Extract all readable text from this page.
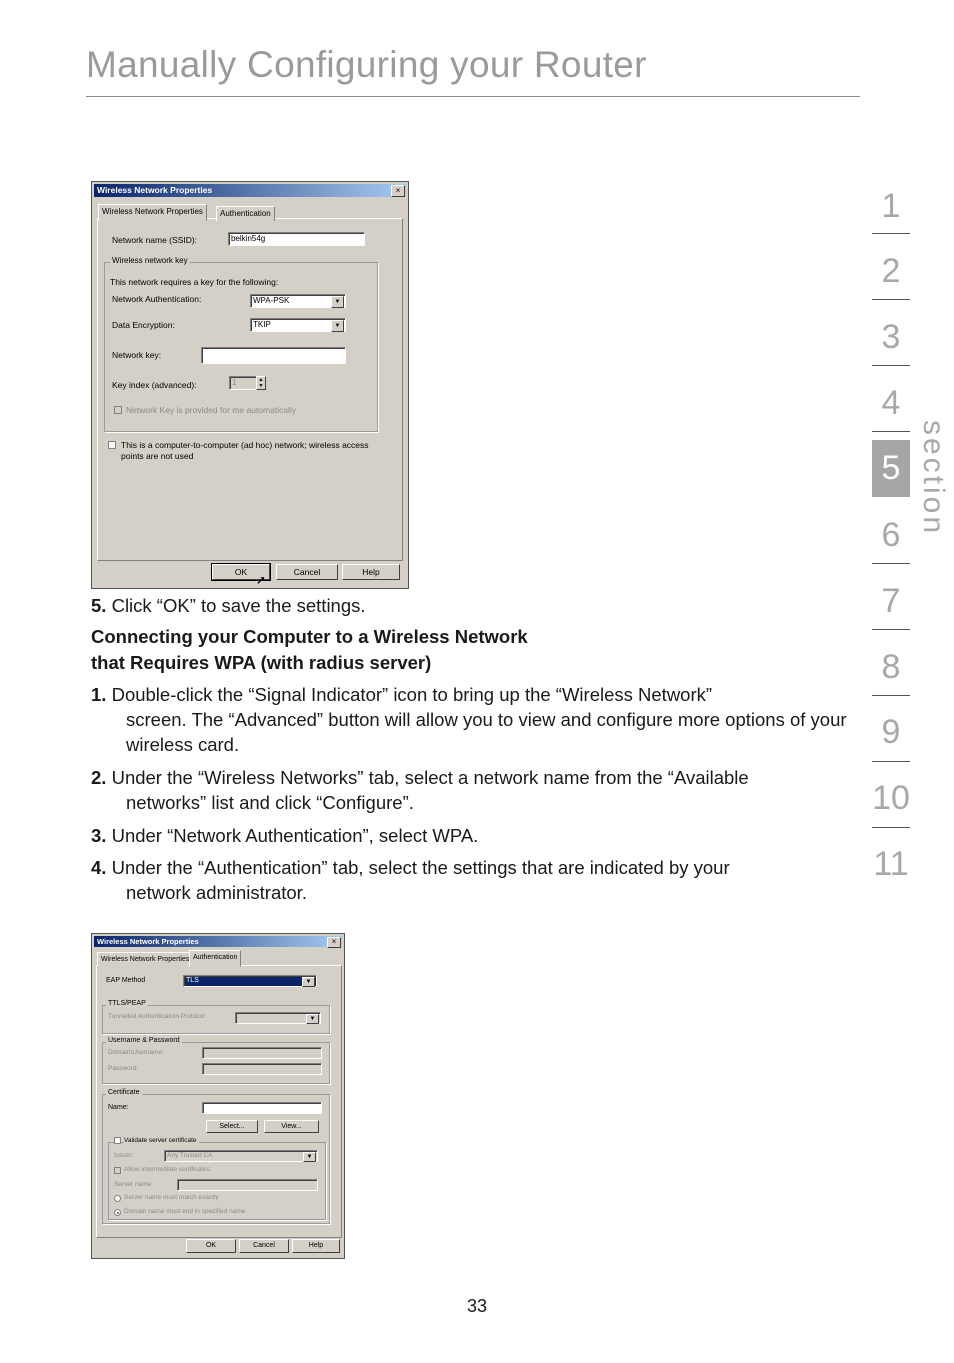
Manually Configuring your Router
1
2
3
4
5
6
7
8
9
10
11
section
Wireless Network Properties	×
Wireless Network Properties	Authentication
Network name (SSID):	belkin54g
Wireless network key
This network requires a key for the following:
Network Authentication:	WPA-PSK	▼
Data Encryption:	TKIP	▼
Network key:
Key index (advanced):	1	▲
▼
Network Key is provided for me automatically
This is a computer-to-computer (ad hoc) network; wireless access
points are not used
OK
➚
Cancel	Help
5. Click “OK” to save the settings.
Connecting your Computer to a Wireless Network
that Requires WPA (with radius server)
1. Double-click the “Signal Indicator” icon to bring up the “Wireless Network”
screen. The “Advanced” button will allow you to view and configure more options of your wireless card.
2. Under the “Wireless Networks” tab, select a network name from the “Available
networks” list and click “Configure”.
3. Under “Network Authentication”, select WPA.
4. Under the “Authentication” tab, select the settings that are indicated by your
network administrator.
Wireless Network Properties	×
Wireless Network Properties Authentication
EAP Method	TLS	▼
TTLS/PEAP
Tunnelled Authentication Protocol	▼
Username & Password
Domain\Username:
Password:
Certificate
Name:
Select...	View...
Validate server certificate
Issuer:	Any Trusted CA	▼
Allow intermediate certificates
Server name:
Server name must match exactly
Domain name must end in specified name
OK	Cancel	Help
33
